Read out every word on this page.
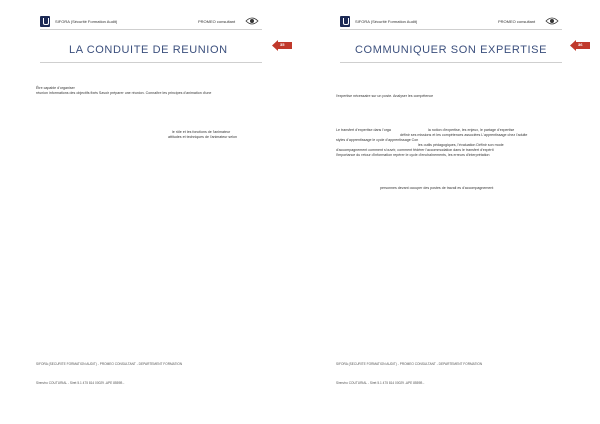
SIFORA (Sécurité Formation Audit)	PROMEO consultant
LA CONDUITE DE REUNION	35
Être capable d'organiser
réunion informations des objectifs fixés Savoir préparer une réunion. Connaître les principes d'animation d'une
le rôle et les fonctions de l'animateur
attitudes et techniques de l'animateur selon
SIFORA (SECURITE FORMATION AUDIT) - PROMEO CONSULTANT - DEPARTEMENT FORMATION
Siren/no COUTURIAL - Siret 5.1 475 814 00029 -APE 8559B -
SIFORA (Sécurité Formation Audit)	PROMEO consultant
COMMUNIQUER SON EXPERTISE	36
l'expertise nécessaire sur un poste. Analyser les compétence
Le transfert d'expertise dans l'orga	la notion d'expertise, les enjeux, le partage d'expertise
définir ses missions et les compétences associées L'apprentissage chez l'adulte
styles d'apprentissage le cycle d'apprentissage Con
les outils pédagogiques, l'évaluation Définir son mode
d'accompagnement comment s'ouvrir, comment fédérer l'accommodation dans le transfert d'expérti
l'importance du retour d'information repérer le cycle d'enchaînements, les erreurs d'interprétation
personnes devant occuper des postes de travail es d'accompagnement
SIFORA (SECURITE FORMATION AUDIT) - PROMEO CONSULTANT - DEPARTEMENT FORMATION
Siren/no COUTURIAL - Siret 5.1 475 814 00029 -APE 8559B -
